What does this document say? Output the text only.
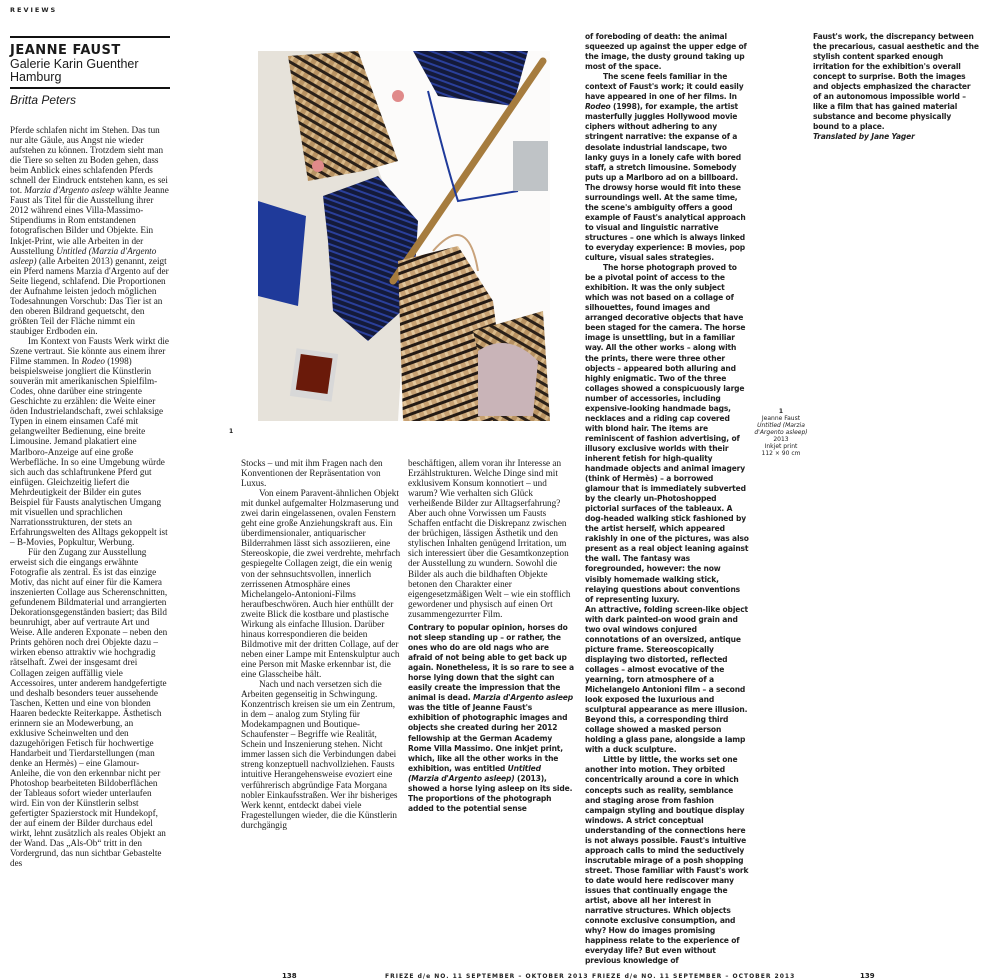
REVIEWS
JEANNE FAUST
Galerie Karin Guenther
Hamburg
Britta Peters

Pferde schlafen nicht im Stehen. Das tun nur alte Gäule, aus Angst nie wieder aufstehen zu können. Trotzdem sieht man die Tiere so selten zu Boden gehen, dass beim Anblick eines schlafenden Pferds schnell der Eindruck entstehen kann, es sei tot. Marzia d'Argento asleep wählte Jeanne Faust als Titel für die Ausstellung ihrer 2012 während eines Villa-Massimo-Stipendiums in Rom entstandenen fotografischen Bilder und Objekte. Ein Inkjet-Print, wie alle Arbeiten in der Ausstellung Untitled (Marzia d'Argento asleep) (alle Arbeiten 2013) genannt, zeigt ein Pferd namens Marzia d'Argento auf der Seite liegend, schlafend. Die Proportionen der Aufnahme leisten jedoch möglichen Todesahnungen Vorschub: Das Tier ist an den oberen Bildrand gequetscht, den größten Teil der Fläche nimmt ein staubiger Erdboden ein.

Im Kontext von Fausts Werk wirkt die Szene vertraut. Sie könnte aus einem ihrer Filme stammen. In Rodeo (1998) beispielsweise jongliert die Künstlerin souverän mit amerikanischen Spielfilm-Codes, ohne darüber eine stringente Geschichte zu erzählen: die Weite einer öden Industrielandschaft, zwei schlaksige Typen in einem einsamen Café mit gelangweilter Bedienung, eine breite Limousine. Jemand plakatiert eine Marlboro-Anzeige auf eine große Werbefläche. In so eine Umgebung würde sich auch das schlaftrunkene Pferd gut einfügen. Gleichzeitig liefert die Mehrdeutigkeit der Bilder ein gutes Beispiel für Fausts analytischen Umgang mit visuellen und sprachlichen Narrationsstrukturen, der stets an Erfahrungswelten des Alltags gekoppelt ist – B-Movies, Popkultur, Werbung.

Für den Zugang zur Ausstellung erweist sich die eingangs erwähnte Fotografie als zentral. Es ist das einzige Motiv, das nicht auf einer für die Kamera inszenierten Collage aus Scherenschnitten, gefundenem Bildmaterial und arrangierten Dekorationsgegenständen basiert; das Bild beunruhigt, aber auf vertraute Art und Weise. Alle anderen Exponate – neben den Prints gehören noch drei Objekte dazu – wirken ebenso attraktiv wie hochgradig rätselhaft. Zwei der insgesamt drei Collagen zeigen auffällig viele Accessoires, unter anderem handgefertigte und deshalb besonders teuer aussehende Taschen, Ketten und eine von blonden Haaren bedeckte Reiterkappe. Ästhetisch erinnern sie an Modewerbung, an exklusive Scheinwelten und den dazugehörigen Fetisch für hochwertige Handarbeit und Tierdarstellungen (man denke an Hermès) – eine Glamour-Anleihe, die von den erkennbar nicht per Photoshop bearbeiteten Bildoberflächen der Tableaus sofort wieder unterlaufen wird. Ein von der Künstlerin selbst gefertigter Spazierstock mit Hundekopf, der auf einem der Bilder durchaus edel wirkt, lehnt zusätzlich als reales Objekt an der Wand. Das „Als-Ob“ tritt in den Vordergrund, das nun sichtbar Gebastelte des

Stocks – und mit ihm Fragen nach den Konventionen der Repräsentation von Luxus.

Von einem Paravent-ähnlichen Objekt mit dunkel aufgemalter Holzmaserung und zwei darin eingelassenen, ovalen Fenstern geht eine große Anziehungskraft aus. Ein überdimensionaler, antiquarischer Bilderrahmen lässt sich assoziieren, eine Stereoskopie, die zwei verdrehte, mehrfach gespiegelte Collagen zeigt, die ein wenig von der sehnsuchtsvollen, innerlich zerrissenen Atmosphäre eines Michelangelo-Antonioni-Films heraufbeschwören. Auch hier enthüllt der zweite Blick die kostbare und plastische Wirkung als einfache Illusion. Darüber hinaus korrespondieren die beiden Bildmotive mit der dritten Collage, auf der neben einer Lampe mit Entenskulptur auch eine Person mit Maske erkennbar ist, die eine Glasscheibe hält.

Nach und nach versetzen sich die Arbeiten gegenseitig in Schwingung. Konzentrisch kreisen sie um ein Zentrum, in dem – analog zum Styling für Modekampagnen und Boutique-Schaufenster – Begriffe wie Realität, Schein und Inszenierung stehen. Nicht immer lassen sich die Verbindungen dabei streng konzeptuell nachvollziehen. Fausts intuitive Herangehensweise evoziert eine verführerisch abgründige Fata Morgana nobler Einkaufsstraßen. Wer ihr bisheriges Werk kennt, entdeckt dabei viele Fragestellungen wieder, die die Künstlerin durchgängig

beschäftigen, allem voran ihr Interesse an Erzählstrukturen. Welche Dinge sind mit exklusivem Konsum konnotiert – und warum? Wie verhalten sich Glück verheißende Bilder zur Alltagserfahrung? Aber auch ohne Vorwissen um Fausts Schaffen entfacht die Diskrepanz zwischen der brüchigen, lässigen Ästhetik und den stylischen Inhalten genügend Irritation, um sich interessiert über die Gesamtkonzeption der Ausstellung zu wundern. Sowohl die Bilder als auch die bildhaften Objekte betonen den Charakter einer eigengesetzmäßigen Welt – wie ein stofflich gewordener und physisch auf einen Ort zusammengezurrter Film.

Contrary to popular opinion, horses do not sleep standing up – or rather, the ones who do are old nags who are afraid of not being able to get back up again. Nonetheless, it is so rare to see a horse lying down that the sight can easily create the impression that the animal is dead. Marzia d'Argento asleep was the title of Jeanne Faust's exhibition of photographic images and objects she created during her 2012 fellowship at the German Academy Rome Villa Massimo. One inkjet print, which, like all the other works in the exhibition, was entitled Untitled (Marzia d'Argento asleep) (2013), showed a horse lying asleep on its side. The proportions of the photograph added to the potential sense

of foreboding of death: the animal squeezed up against the upper edge of the image, the dusty ground taking up most of the space.

The scene feels familiar in the context of Faust's work; it could easily have appeared in one of her films. In Rodeo (1998), for example, the artist masterfully juggles Hollywood movie ciphers without adhering to any stringent narrative: the expanse of a desolate industrial landscape, two lanky guys in a lonely cafe with bored staff, a stretch limousine. Somebody puts up a Marlboro ad on a billboard. The drowsy horse would fit into these surroundings well. At the same time, the scene's ambiguity offers a good example of Faust's analytical approach to visual and linguistic narrative structures – one which is always linked to everyday experience: B movies, pop culture, visual sales strategies.

The horse photograph proved to be a pivotal point of access to the exhibition. It was the only subject which was not based on a collage of silhouettes, found images and arranged decorative objects that have been staged for the camera. The horse image is unsettling, but in a familiar way. All the other works – along with the prints, there were three other objects – appeared both alluring and highly enigmatic. Two of the three collages showed a conspicuously large number of accessories, including expensive-looking handmade bags, necklaces and a riding cap covered with blond hair. The items are reminiscent of fashion advertising, of illusory exclusive worlds with their inherent fetish for high-quality handmade objects and animal imagery (think of Hermès) – a borrowed glamour that is immediately subverted by the clearly un-Photoshopped pictorial surfaces of the tableaux. A dog-headed walking stick fashioned by the artist herself, which appeared rakishly in one of the pictures, was also present as a real object leaning against the wall. The fantasy was foregrounded, however: the now visibly homemade walking stick, relaying questions about conventions of representing luxury.

An attractive, folding screen-like object with dark painted-on wood grain and two oval windows conjured connotations of an oversized, antique picture frame. Stereoscopically displaying two distorted, reflected collages – almost evocative of the yearning, torn atmosphere of a Michelangelo Antonioni film – a second look exposed the luxurious and sculptural appearance as mere illusion. Beyond this, a corresponding third collage showed a masked person holding a glass pane, alongside a lamp with a duck sculpture.

Little by little, the works set one another into motion. They orbited concentrically around a core in which concepts such as reality, semblance and staging arose from fashion campaign styling and boutique display windows. A strict conceptual understanding of the connections here is not always possible. Faust's intuitive approach calls to mind the seductively inscrutable mirage of a posh shopping street. Those familiar with Faust's work to date would here rediscover many issues that continually engage the artist, above all her interest in narrative structures. Which objects connote exclusive consumption, and why? How do images promising happiness relate to the experience of everyday life? But even without previous knowledge of

Faust's work, the discrepancy between the precarious, casual aesthetic and the stylish content sparked enough irritation for the exhibition's overall concept to surprise. Both the images and objects emphasized the character of an autonomous impossible world – like a film that has gained material substance and become physically bound to a place.

Translated by Jane Yager

1
1
Jeanne Faust
Untitled (Marzia d'Argento asleep)
2013
Inkjet print
112 × 90 cm
138	FRIEZE d/e NO. 11 SEPTEMBER – OKTOBER 2013 FRIEZE d/e NO. 11 SEPTEMBER – OCTOBER 2013	139
